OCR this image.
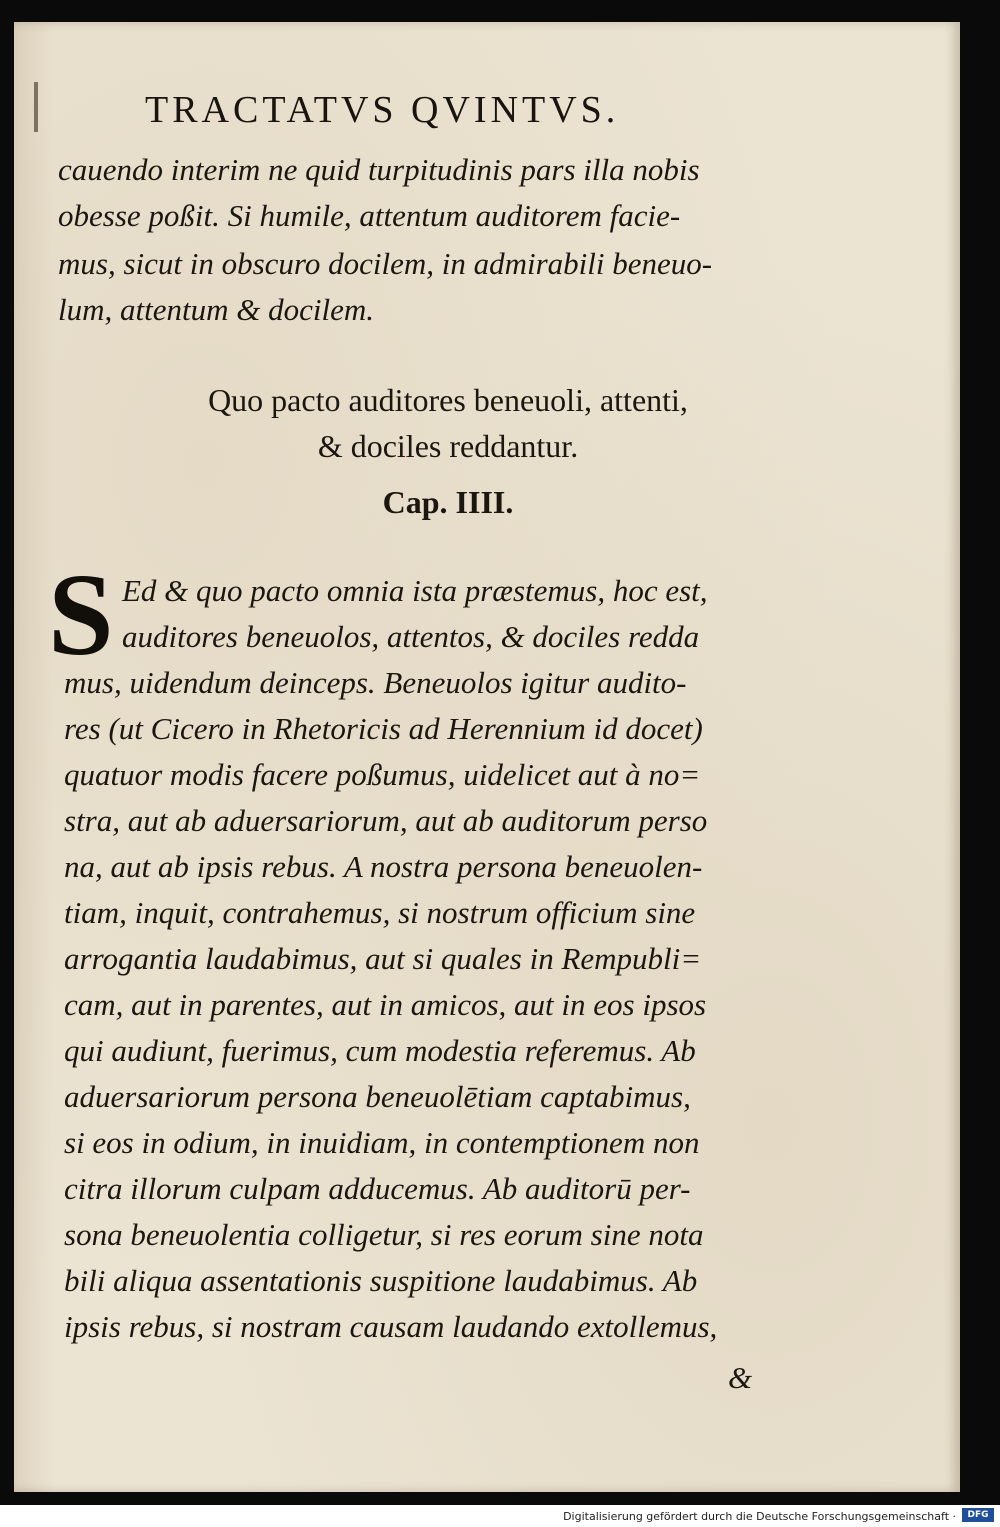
TRACTATVS QVINTVS.

cauendo interim ne quid turpitudinis pars illa nobis

obesse poßit. Si humile, attentum auditorem facie-

mus, sicut in obscuro docilem, in admirabili beneuo-

lum, attentum & docilem.

Quo pacto auditores beneuoli, attenti,

& dociles reddantur.

Cap. IIII.

S Ed & quo pacto omnia ista præstemus, hoc est,

auditores beneuolos, attentos, & dociles redda

mus, uidendum deinceps. Beneuolos igitur audito-

res (ut Cicero in Rhetoricis ad Herennium id docet)

quatuor modis facere poßumus, uidelicet aut à no=

stra, aut ab aduersariorum, aut ab auditorum perso

na, aut ab ipsis rebus. A nostra persona beneuolen-

tiam, inquit, contrahemus, si nostrum officium sine

arrogantia laudabimus, aut si quales in Rempubli=

cam, aut in parentes, aut in amicos, aut in eos ipsos

qui audiunt, fuerimus, cum modestia referemus. Ab

aduersariorum persona beneuolētiam captabimus,

si eos in odium, in inuidiam, in contemptionem non

citra illorum culpam adducemus. Ab auditorū per-

sona beneuolentia colligetur, si res eorum sine nota

bili aliqua assentationis suspitione laudabimus. Ab

ipsis rebus, si nostram causam laudando extollemus,

&

Digitalisierung gefördert durch die Deutsche Forschungsgemeinschaft ·	DFG
